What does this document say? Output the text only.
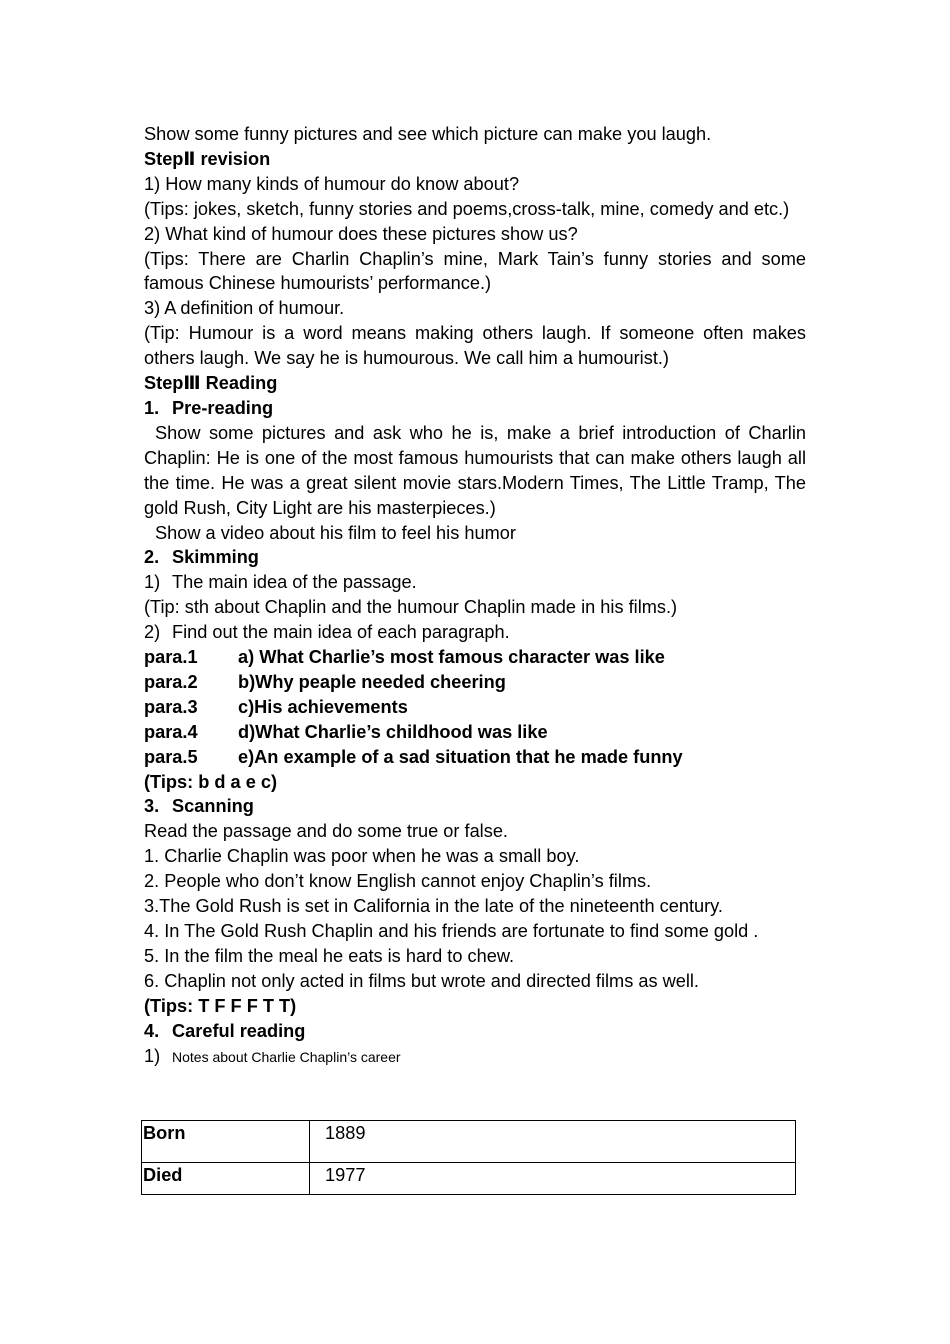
Show some funny pictures and see which picture can make you laugh.
StepⅡ revision
1) How many kinds of humour do know about?
(Tips: jokes, sketch, funny stories and poems,cross-talk, mine, comedy and etc.)
2) What kind of humour does these pictures show us?
(Tips: There are Charlin Chaplin’s mine, Mark Tain’s funny stories and some famous Chinese humourists’ performance.)
3) A definition of humour.
(Tip: Humour is a word means making others laugh. If someone often makes others laugh. We say he is humourous. We call him a humourist.)
StepⅢ Reading
1. Pre-reading
Show some pictures and ask who he is, make a brief introduction of Charlin Chaplin: He is one of the most famous humourists that can make others laugh all the time. He was a great silent movie stars.Modern Times, The Little Tramp, The gold Rush, City Light are his masterpieces.)
Show a video about his film to feel his humor
2. Skimming
1) The main idea of the passage.
(Tip: sth about Chaplin and the humour Chaplin made in his films.)
2) Find out the main idea of each paragraph.
para.1 a) What Charlie’s most famous character was like
para.2 b)Why peaple needed cheering
para.3 c)His achievements
para.4 d)What Charlie’s childhood was like
para.5 e)An example of a sad situation that he made funny
(Tips: b d a e c)
3. Scanning
Read the passage and do some true or false.
1. Charlie Chaplin was poor when he was a small boy.
2. People who don’t know English cannot enjoy Chaplin’s films.
3.The Gold Rush is set in California in the late of the nineteenth century.
4. In The Gold Rush Chaplin and his friends are fortunate to find some gold .
5. In the film the meal he eats is hard to chew.
6. Chaplin not only acted in films but wrote and directed films as well.
(Tips: T F F F T T)
4. Careful reading
1) Notes about Charlie Chaplin’s career
Born	1889
Died	1977
